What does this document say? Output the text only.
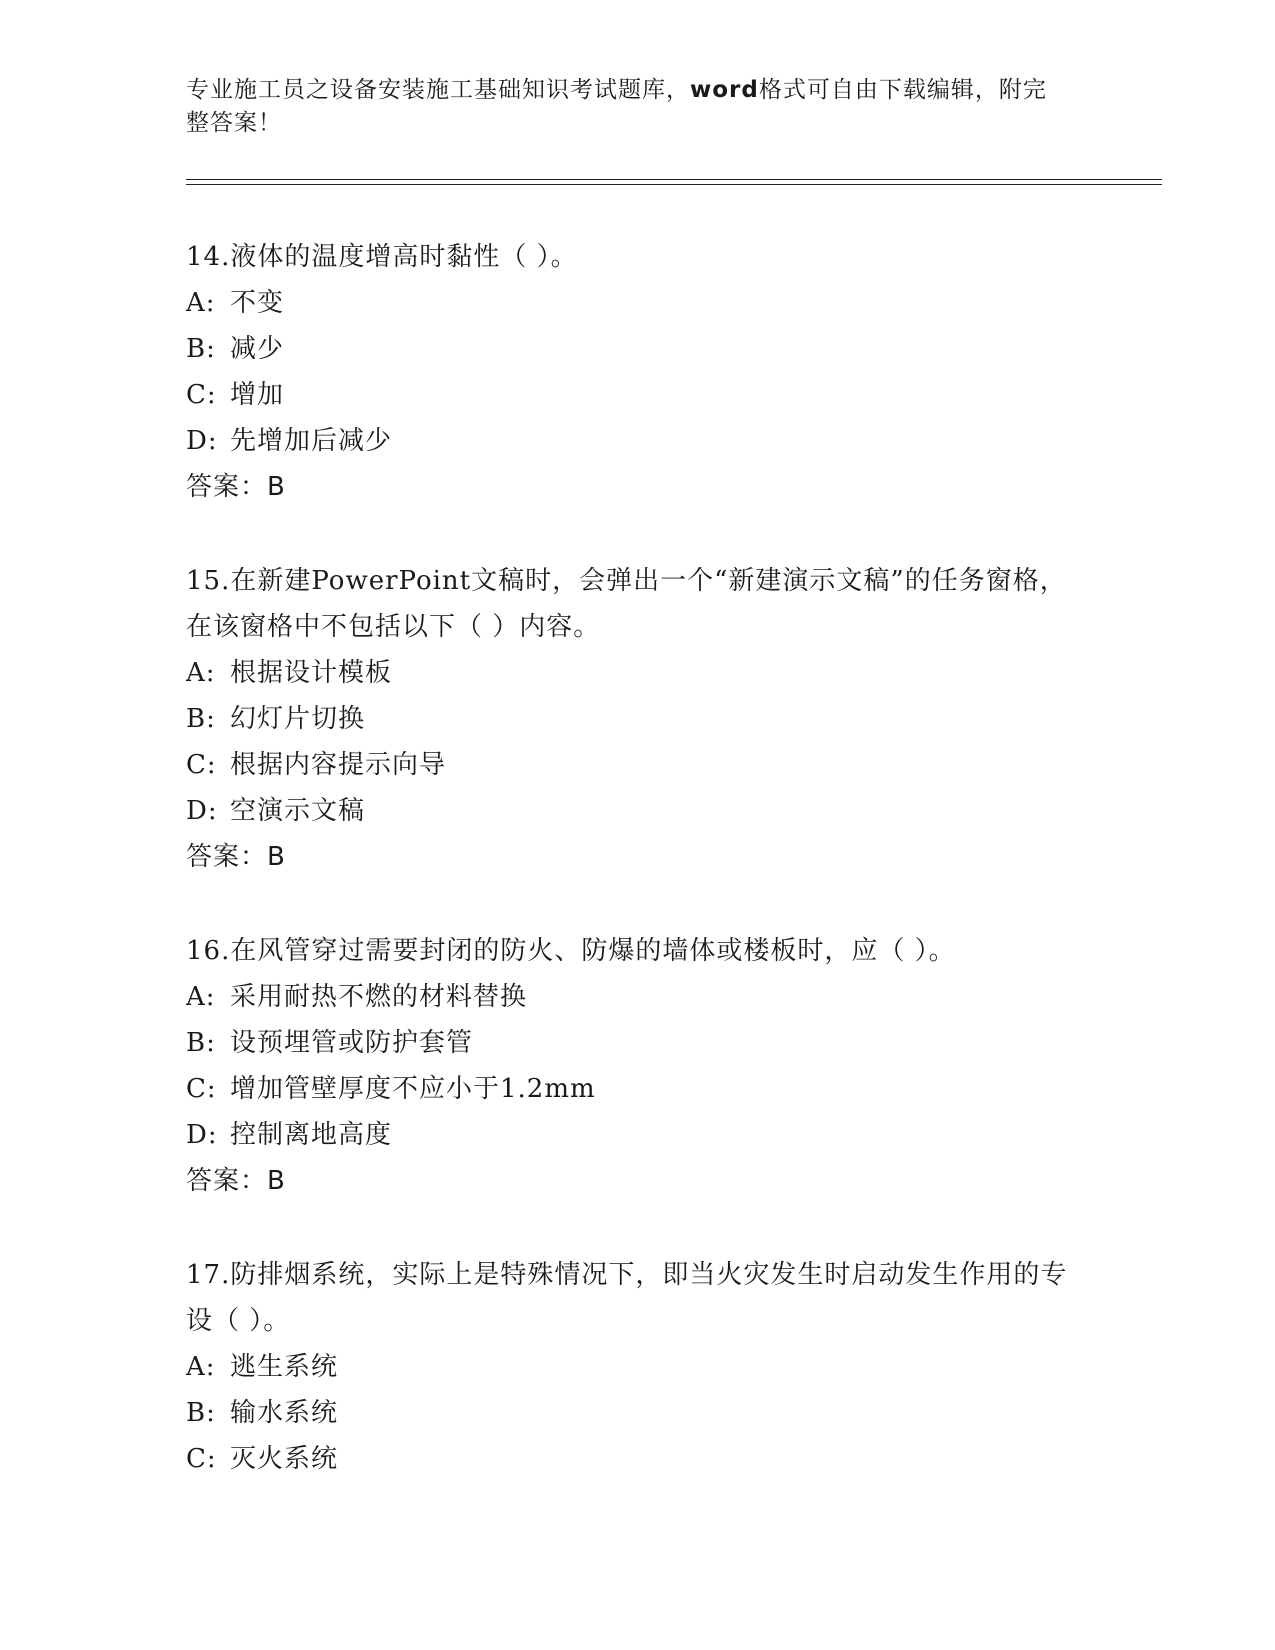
专业施工员之设备安装施工基础知识考试题库，word格式可自由下载编辑，附完整答案！
14.液体的温度增高时黏性（ ）。
A: 不变
B: 减少
C: 增加
D: 先增加后减少
答案：B
15.在新建PowerPoint文稿时，会弹出一个“新建演示文稿”的任务窗格，在该窗格中不包括以下（ ）内容。
A: 根据设计模板
B: 幻灯片切换
C: 根据内容提示向导
D: 空演示文稿
答案：B
16.在风管穿过需要封闭的防火、防爆的墙体或楼板时，应（ ）。
A: 采用耐热不燃的材料替换
B: 设预埋管或防护套管
C: 增加管壁厚度不应小于1.2mm
D: 控制离地高度
答案：B
17.防排烟系统，实际上是特殊情况下，即当火灾发生时启动发生作用的专设（ ）。
A: 逃生系统
B: 输水系统
C: 灭火系统
